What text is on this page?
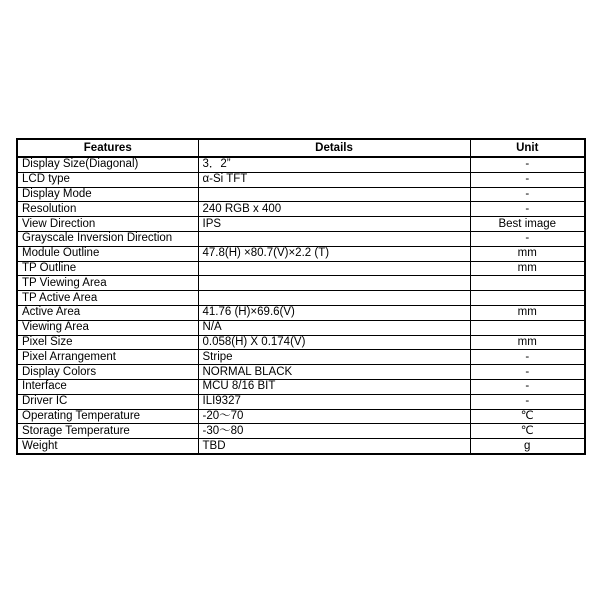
Features	Details	Unit
Display Size(Diagonal)	3．2”	-
LCD type	α-Si TFT	-
Display Mode		-
Resolution	240 RGB x 400	-
View Direction	IPS	Best image
Grayscale Inversion Direction		-
Module Outline	47.8(H) ×80.7(V)×2.2 (T)	mm
TP Outline		mm
TP Viewing Area		
TP Active Area		
Active Area	41.76 (H)×69.6(V)	mm
Viewing Area	N/A	
Pixel Size	0.058(H) X 0.174(V)	mm
Pixel Arrangement	Stripe	-
Display Colors	NORMAL BLACK	-
Interface	MCU 8/16 BIT	-
Driver IC	ILI9327	-
Operating Temperature	-20～70	℃
Storage Temperature	-30～80	℃
Weight	TBD	g
